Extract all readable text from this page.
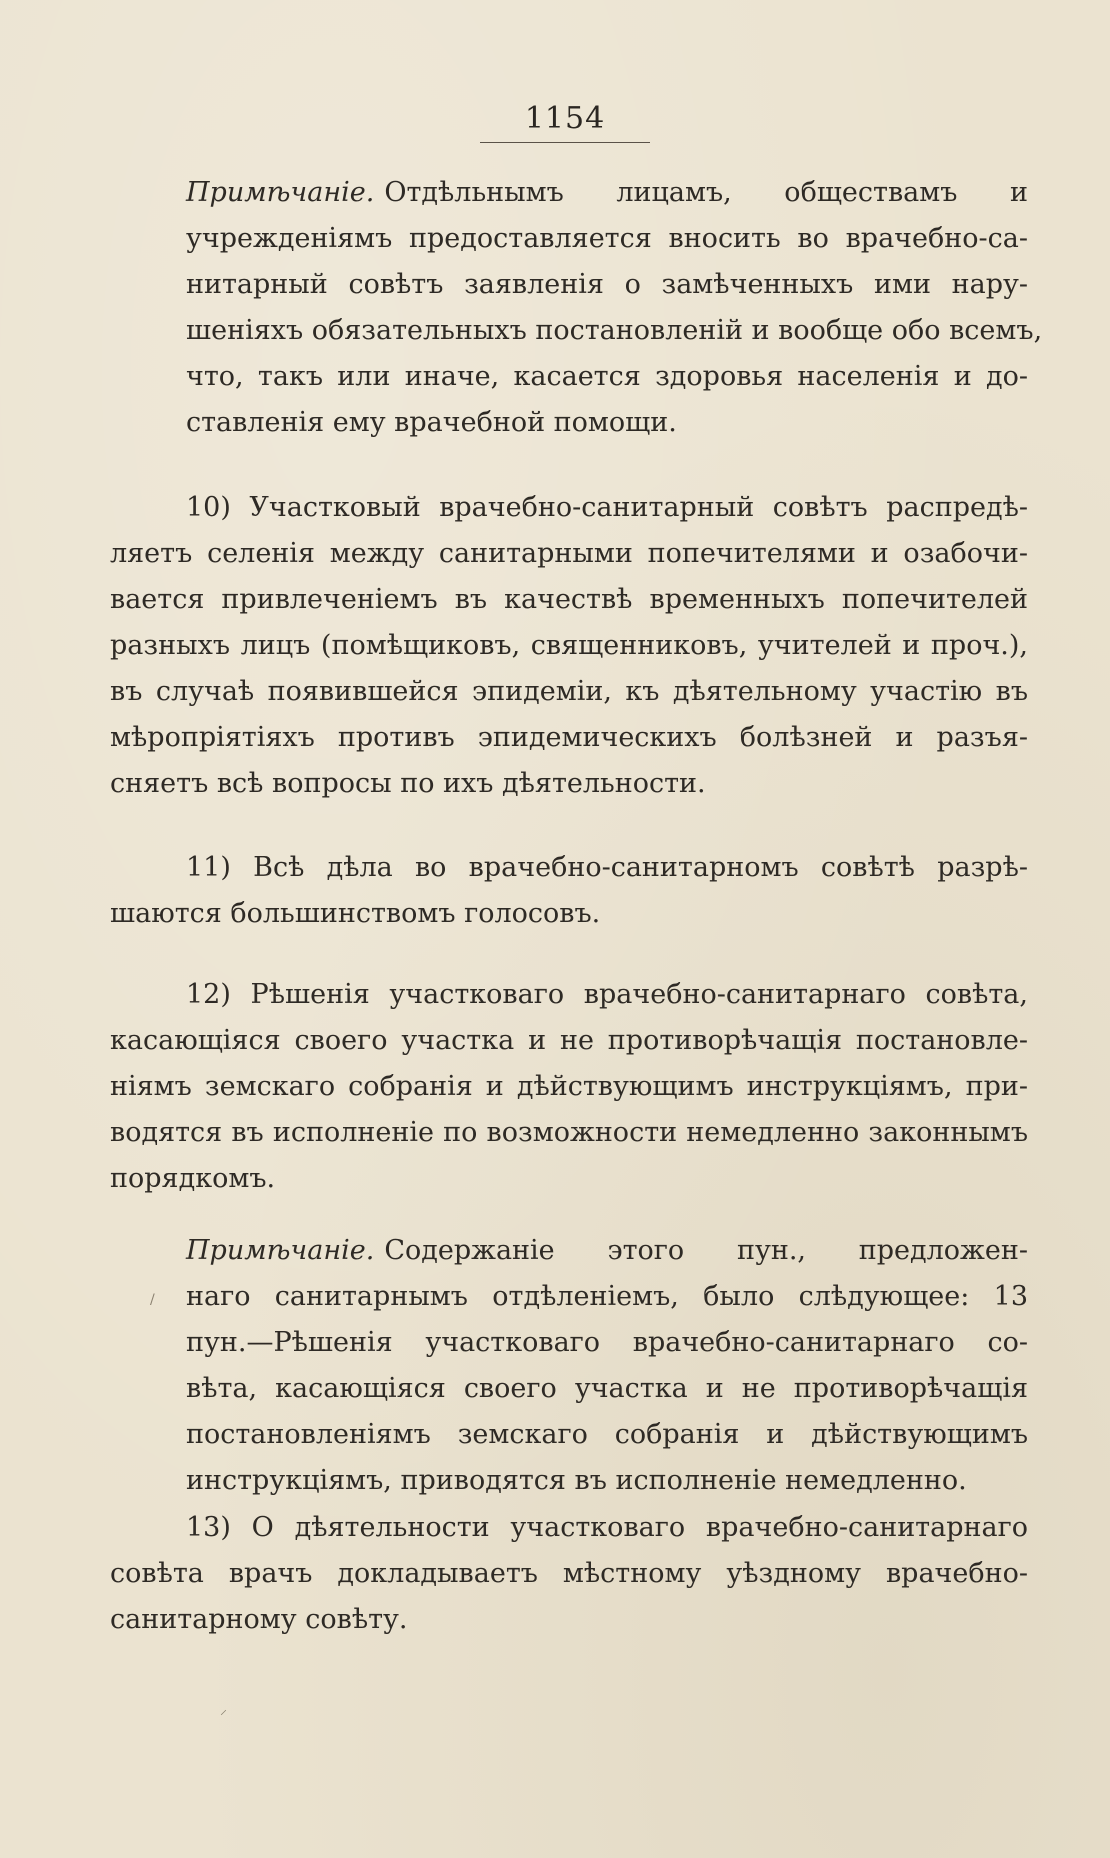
1154
Примѣчаніе. Отдѣльнымъ лицамъ, обществамъ и
учрежденіямъ предоставляется вносить во врачебно-са-
нитарный совѣтъ заявленія о замѣченныхъ ими нару-
шеніяхъ обязательныхъ постановленій и вообще обо всемъ,
что, такъ или иначе, касается здоровья населенія и до-
ставленія ему врачебной помощи.
10) Участковый врачебно-санитарный совѣтъ распредѣ-
ляетъ селенія между санитарными попечителями и озабочи-
вается привлеченіемъ въ качествѣ временныхъ попечителей
разныхъ лицъ (помѣщиковъ, священниковъ, учителей и проч.),
въ случаѣ появившейся эпидеміи, къ дѣятельному участію въ
мѣропріятіяхъ противъ эпидемическихъ болѣзней и разъя-
сняетъ всѣ вопросы по ихъ дѣятельности.
11) Всѣ дѣла во врачебно-санитарномъ совѣтѣ разрѣ-
шаются большинствомъ голосовъ.
12) Рѣшенія участковаго врачебно-санитарнаго совѣта,
касающіяся своего участка и не противорѣчащія постановле-
ніямъ земскаго собранія и дѣйствующимъ инструкціямъ, при-
водятся въ исполненіе по возможности немедленно законнымъ
порядкомъ.
Примѣчаніе. Содержаніе этого пун., предложен-
наго санитарнымъ отдѣленіемъ, было слѣдующее: 13
пун.—Рѣшенія участковаго врачебно-санитарнаго со-
вѣта, касающіяся своего участка и не противорѣчащія
постановленіямъ земскаго собранія и дѣйствующимъ
инструкціямъ, приводятся въ исполненіе немедленно.
13) О дѣятельности участковаго врачебно-санитарнаго
совѣта врачъ докладываетъ мѣстному уѣздному врачебно-
санитарному совѣту.
⸝
/
